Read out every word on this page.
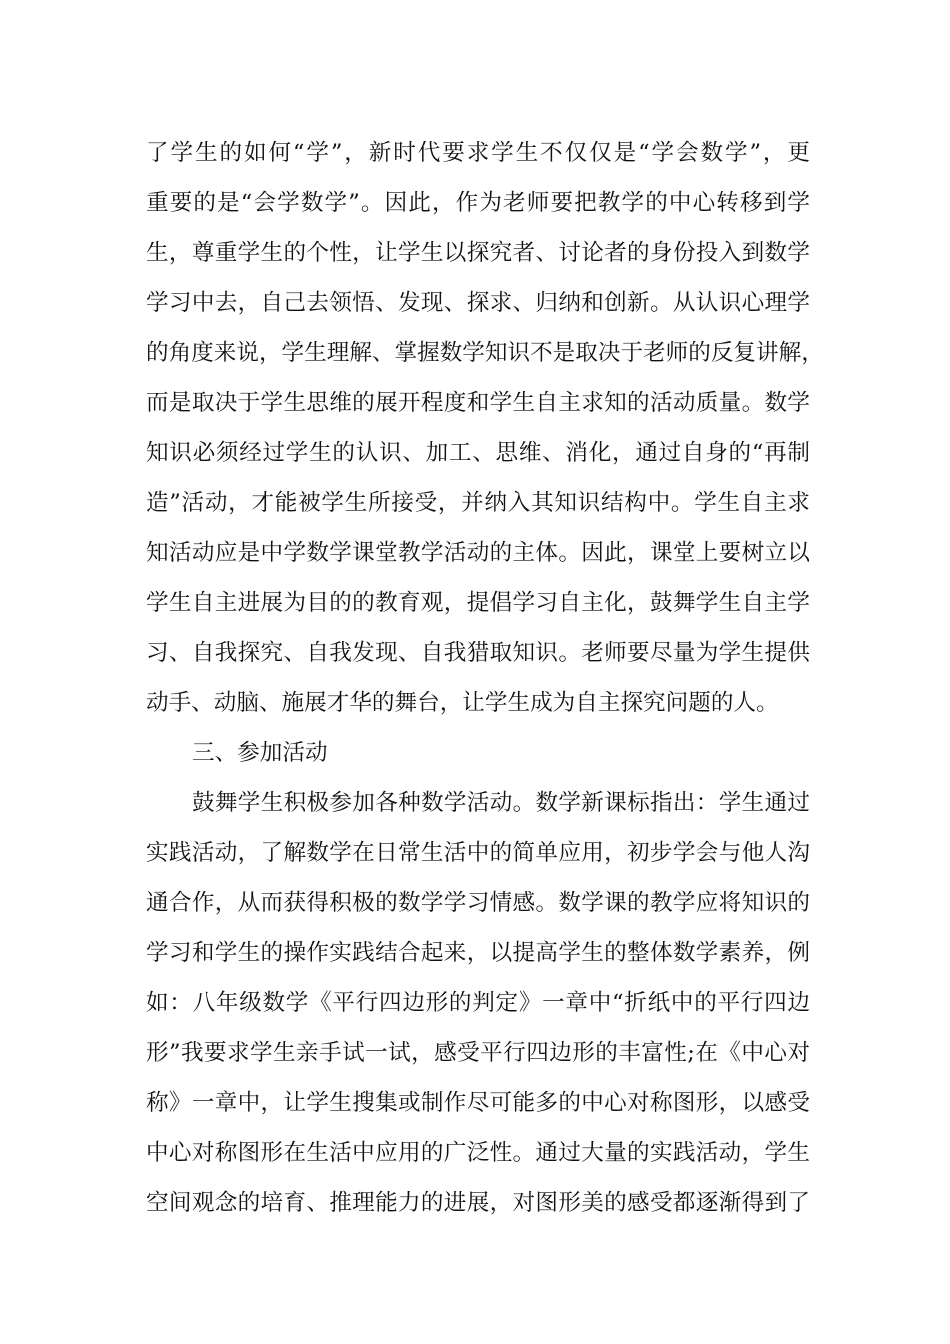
了学生的如何“学”，新时代要求学生不仅仅是“学会数学”，更
重要的是“会学数学”。因此，作为老师要把教学的中心转移到学
生，尊重学生的个性，让学生以探究者、讨论者的身份投入到数学
学习中去，自己去领悟、发现、探求、归纳和创新。从认识心理学
的角度来说，学生理解、掌握数学知识不是取决于老师的反复讲解，
而是取决于学生思维的展开程度和学生自主求知的活动质量。数学
知识必须经过学生的认识、加工、思维、消化，通过自身的“再制
造”活动，才能被学生所接受，并纳入其知识结构中。学生自主求
知活动应是中学数学课堂教学活动的主体。因此，课堂上要树立以
学生自主进展为目的的教育观，提倡学习自主化，鼓舞学生自主学
习、自我探究、自我发现、自我猎取知识。老师要尽量为学生提供
动手、动脑、施展才华的舞台，让学生成为自主探究问题的人。
三、参加活动
鼓舞学生积极参加各种数学活动。数学新课标指出：学生通过
实践活动，了解数学在日常生活中的简单应用，初步学会与他人沟
通合作，从而获得积极的数学学习情感。数学课的教学应将知识的
学习和学生的操作实践结合起来，以提高学生的整体数学素养，例
如：八年级数学《平行四边形的判定》一章中“折纸中的平行四边
形”我要求学生亲手试一试，感受平行四边形的丰富性;在《中心对
称》一章中，让学生搜集或制作尽可能多的中心对称图形，以感受
中心对称图形在生活中应用的广泛性。通过大量的实践活动，学生
空间观念的培育、推理能力的进展，对图形美的感受都逐渐得到了
